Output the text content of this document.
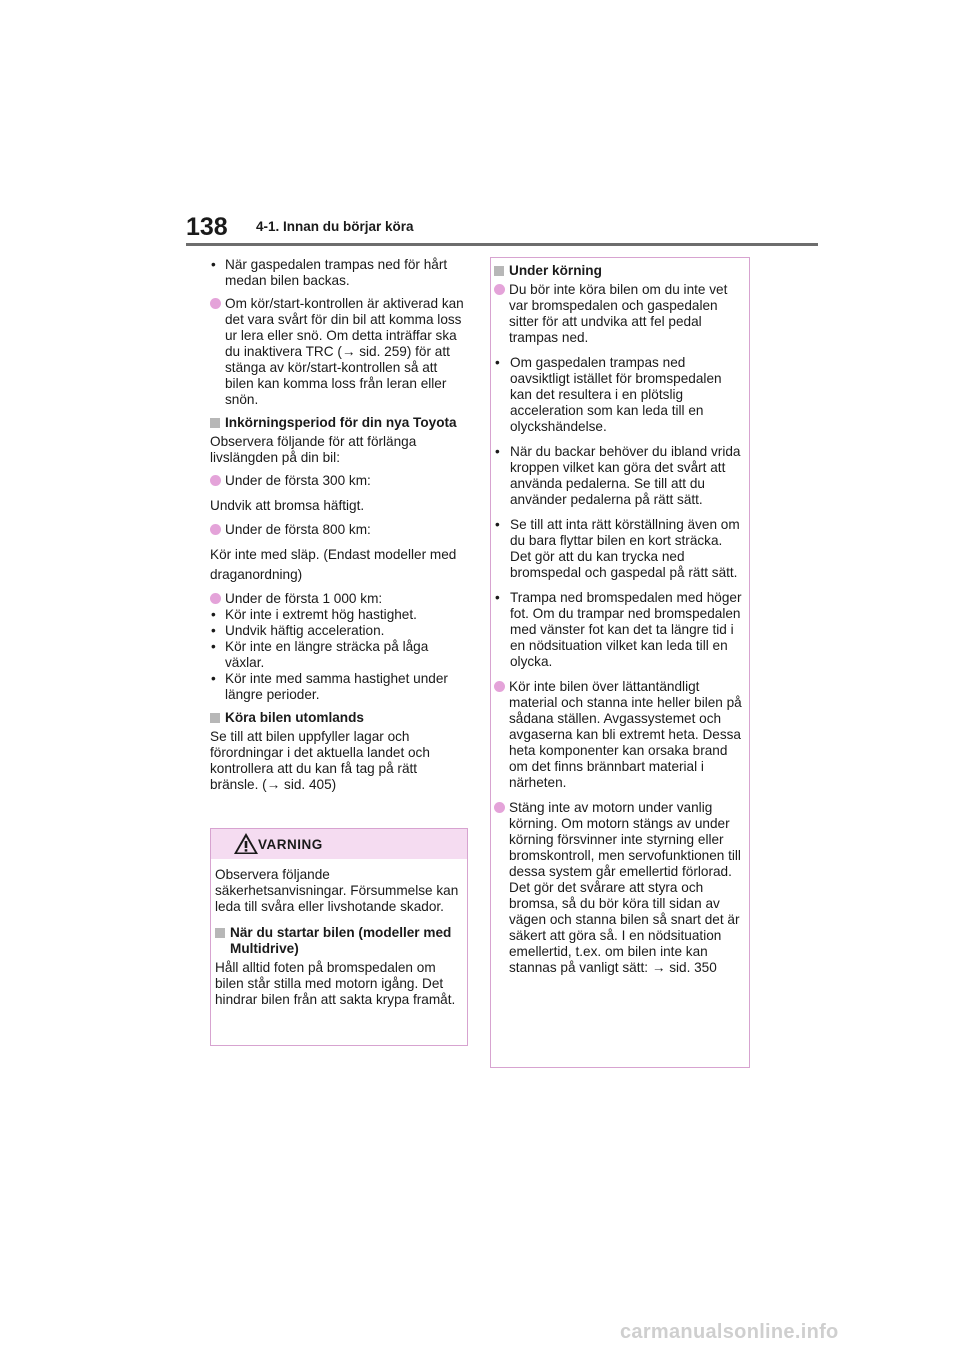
138 4-1. Innan du börjar köra
• När gaspedalen trampas ned för hårt medan bilen backas.
Om kör/start-kontrollen är aktiverad kan det vara svårt för din bil att komma loss ur lera eller snö. Om detta inträffar ska du inaktivera TRC (→ sid. 259) för att stänga av kör/start-kontrollen så att bilen kan komma loss från leran eller snön.
Inkörningsperiod för din nya Toyota
Observera följande för att förlänga livslängden på din bil:
Under de första 300 km:
Undvik att bromsa häftigt.
Under de första 800 km:
Kör inte med släp. (Endast modeller med draganordning)
Under de första 1 000 km:
• Kör inte i extremt hög hastighet.
• Undvik häftig acceleration.
• Kör inte en längre sträcka på låga växlar.
• Kör inte med samma hastighet under längre perioder.
Köra bilen utomlands
Se till att bilen uppfyller lagar och förordningar i det aktuella landet och kontrollera att du kan få tag på rätt bränsle. (→ sid. 405)
VARNING
Observera följande säkerhetsanvisningar. Försummelse kan leda till svåra eller livshotande skador.
När du startar bilen (modeller med Multidrive)
Håll alltid foten på bromspedalen om bilen står stilla med motorn igång. Det hindrar bilen från att sakta krypa framåt.
Under körning
Du bör inte köra bilen om du inte vet var bromspedalen och gaspedalen sitter för att undvika att fel pedal trampas ned.
• Om gaspedalen trampas ned oavsiktligt istället för bromspedalen kan det resultera i en plötslig acceleration som kan leda till en olyckshändelse.
• När du backar behöver du ibland vrida kroppen vilket kan göra det svårt att använda pedalerna. Se till att du använder pedalerna på rätt sätt.
• Se till att inta rätt körställning även om du bara flyttar bilen en kort sträcka. Det gör att du kan trycka ned bromspedal och gaspedal på rätt sätt.
• Trampa ned bromspedalen med höger fot. Om du trampar ned bromspedalen med vänster fot kan det ta längre tid i en nödsituation vilket kan leda till en olycka.
Kör inte bilen över lättantändligt material och stanna inte heller bilen på sådana ställen. Avgassystemet och avgaserna kan bli extremt heta. Dessa heta komponenter kan orsaka brand om det finns brännbart material i närheten.
Stäng inte av motorn under vanlig körning. Om motorn stängs av under körning försvinner inte styrning eller bromskontroll, men servofunktionen till dessa system går emellertid förlorad. Det gör det svårare att styra och bromsa, så du bör köra till sidan av vägen och stanna bilen så snart det är säkert att göra så. I en nödsituation emellertid, t.ex. om bilen inte kan stannas på vanligt sätt: → sid. 350
carmanualsonline.info
